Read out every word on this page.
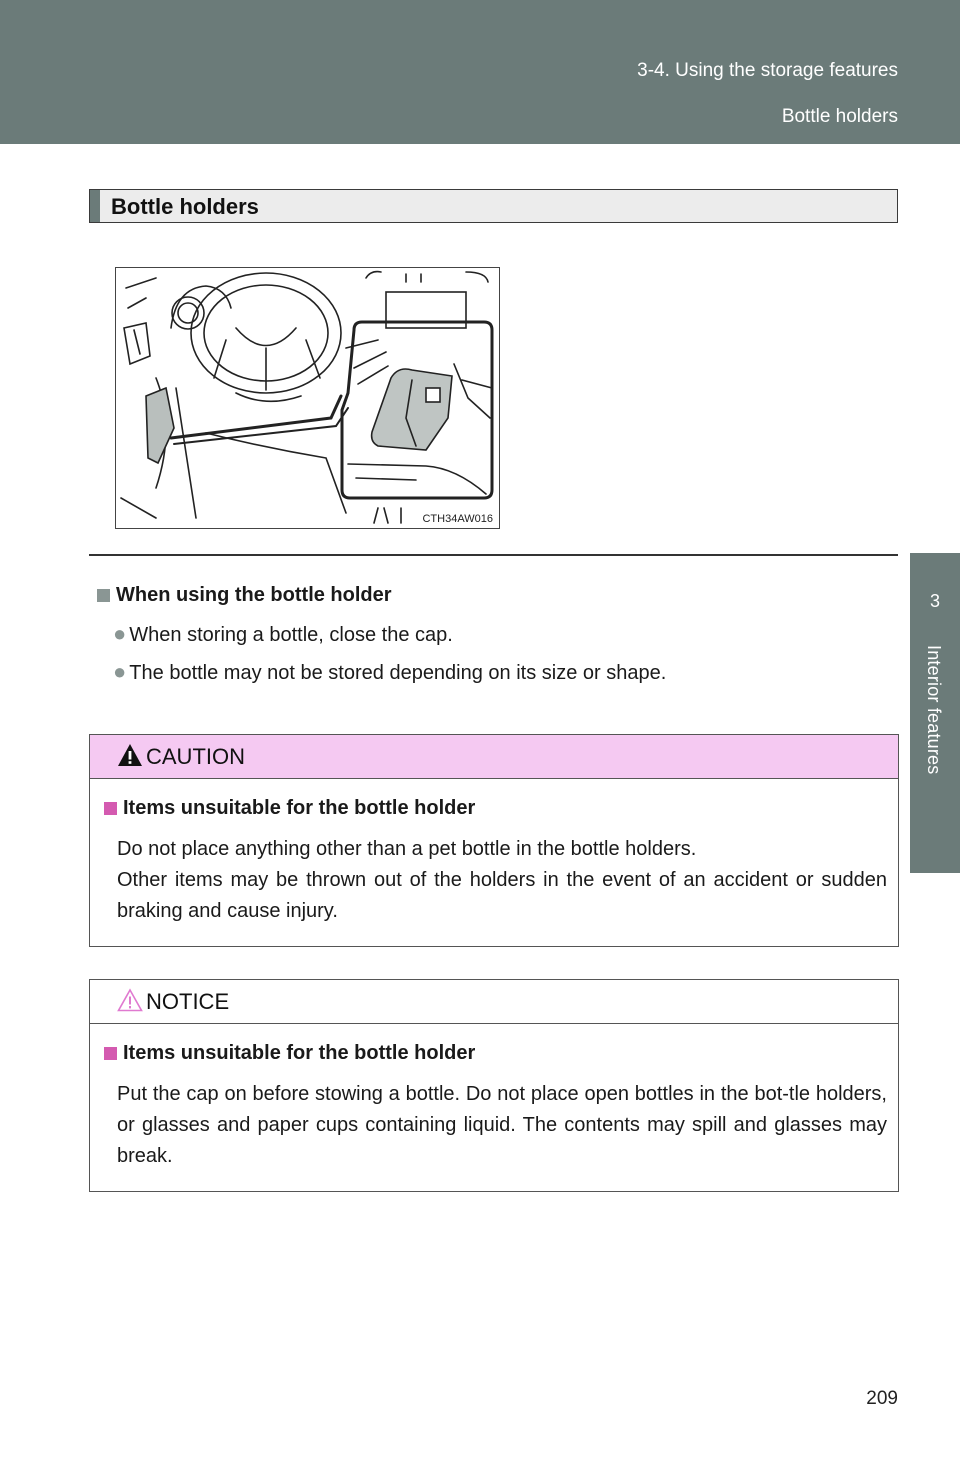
3-4. Using the storage features
Bottle holders
3
Interior features
Bottle holders
CTH34AW016
When using the bottle holder
● When storing a bottle, close the cap.
● The bottle may not be stored depending on its size or shape.
CAUTION
Items unsuitable for the bottle holder

Do not place anything other than a pet bottle in the bottle holders.

Other items may be thrown out of the holders in the event of an accident or sudden braking and cause injury.

NOTICE
Items unsuitable for the bottle holder

Put the cap on before stowing a bottle. Do not place open bottles in the bot-tle holders, or glasses and paper cups containing liquid. The contents may spill and glasses may break.

209
